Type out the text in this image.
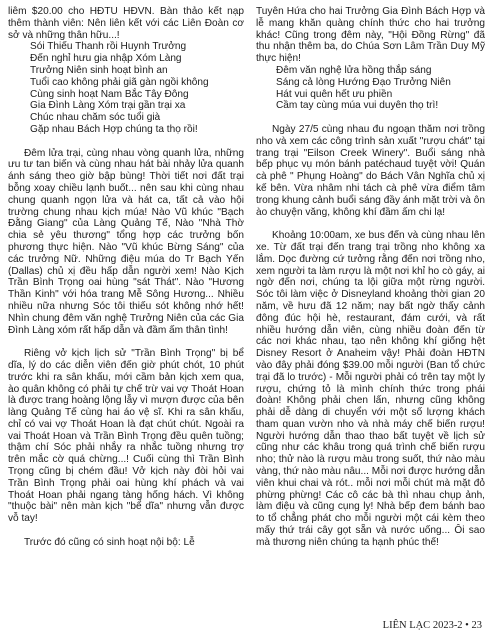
liễm $20.00 cho HĐTU HĐVN. Bàn thảo kết nạp thêm thành viên: Nên liên kết với các Liên Đoàn cơ sở và những thân hữu...!

Sói Thiếu Thanh rồi Huynh Trưởng
Đến nghỉ hưu gia nhập Xóm Làng
Trưởng Niên sinh hoạt bình an
Tuổi cao không phải giã gàn ngồi không
Cùng sinh hoạt Nam Bắc Tây Đông
Gia Đình Làng Xóm trại gần trại xa
Chúc nhau chăm sóc tuổi già
Gặp nhau Bách Hợp chúng ta thọ rồi!

Đêm lửa trại, cùng nhau vòng quanh lửa, những ưu tư tan biến và cùng nhau hát bài nhảy lửa quanh ánh sáng theo giờ bập bùng! Thời tiết nơi đất trại bỗng xoay chiều lạnh buốt... nên sau khi cùng nhau chung quanh ngọn lửa và hát ca, tất cả vào hội trường chung nhau kịch múa! Nào Vũ khúc "Bạch Đằng Giang" của Làng Quảng Tế, Nào "Nhà Thờ chia sẻ yêu thương" tổng hợp các trưởng bốn phương thực hiện. Nào "Vũ khúc Bừng Sáng" của các trưởng Nữ. Những điệu múa do Tr Bạch Yến (Dallas) chủ xị đều hấp dẫn người xem! Nào Kịch Trần Bình Trọng oai hùng "sát Thát". Nào "Hương Thần Kinh" với hóa trang Mễ Sông Hương... Nhiều nhiều nữa nhưng Sóc tôi thiếu sót không nhớ hết! Nhìn chung đêm văn nghệ Trưởng Niên của các Gia Đình Làng xóm rất hấp dẫn và đầm ấm thân tình!

Riêng vở kịch lịch sử "Trần Bình Trọng" bị bể dĩa, lý do các diễn viên đến giờ phút chót, 10 phút trước khi ra sân khấu, mới cầm bản kịch xem qua, ào quân không có phải tự chế trừ vai vợ Thoát Hoan là được trang hoàng lộng lẫy vì mượn được của bên làng Quảng Tế cùng hai áo vệ sĩ. Khi ra sân khấu, chỉ có vai vợ Thoát Hoan là đạt chút chút. Ngoài ra vai Thoát Hoan và Trần Bình Trọng đều quên tuồng; thậm chí Sóc phải nhắy ra nhắc tuồng nhưng trợ trên mắc cờ quá chừng...! Cuối cùng thì Trần Bình Trọng cũng bị chém đầu! Vở kịch này đòi hỏi vai Trần Bình Trọng phải oai hùng khí phách và vai Thoát Hoan phải ngang tàng hống hách. Vì không "thuộc bài" nên màn kịch "bể dĩa" nhưng vẫn được vỗ tay!

Trước đó cũng có sinh hoạt nội bộ: Lễ

Tuyên Hứa cho hai Trưởng Gia Đình Bách Hợp và lễ mang khăn quàng chính thức cho hai trưởng khác! Cũng trong đêm này, "Hội Đồng Rừng" đã thu nhận thêm ba, do Chúa Sơn Lâm Trần Duy Mỹ thực hiện!

Đêm văn nghệ lửa hồng thắp sáng
Sáng cả lòng Hướng Đạo Trưởng Niên
Hát vui quên hết ưu phiền
Cầm tay cùng múa vui duyên thọ trì!

Ngày 27/5 cùng nhau đu ngoạn thăm nơi trồng nho và xem các công trình sản xuất "rượu chát" tại trang trại "Eilson Creek Winery". Buổi sáng nhà bếp phục vụ món bánh patéchaud tuyệt vời! Quán cà phê " Phụng Hoàng" do Bách Vân Nghĩa chủ xị kế bên. Vừa nhâm nhi tách cà phê vừa điểm tâm trong khung cảnh buổi sáng đầy ánh mặt trời và ôn ào chuyện văng, không khí đầm ấm chi lạ!

Khoảng 10:00am, xe bus đến và cùng nhau lên xe. Từ đất trại đến trang trại trồng nho không xa lắm. Dọc đường cứ tưởng rằng đến nơi trồng nho, xem người ta làm rượu là một nơi khỉ ho cò gáy, ai ngờ đến nơi, chúng ta lội giữa một rừng người. Sóc tôi làm việc ở Disneyland khoảng thời gian 20 năm, về hưu đã 12 năm; nay bất ngờ thấy cảnh đông đúc hội hè, restaurant, đám cưới, và rất nhiều hướng dẫn viên, cùng nhiều đoàn đến từ các nơi khác nhau, tạo nên không khí giống hệt Disney Resort ở Anaheim vậy! Phải đoàn HĐTN vào đây phải đóng $39.00 mỗi người (Ban tổ chức trại đã lo trước) - Mỗi người phải có trên tay một ly rượu, chứng tỏ là mình chính thức trong phái đoàn! Không phải chen lấn, nhưng cũng không phải dễ dàng di chuyển với một số lượng khách tham quan vườn nho và nhà máy chế biến rượu! Người hướng dẫn thao thao bất tuyệt về lịch sử cũng như các khâu trong quá trình chế biến rượu nho; thử nào là rượu màu trong suốt, thứ nào màu vàng, thứ nào màu nâu... Mỗi nơi được hướng dẫn viên khui chai và rót.. mỗi nơi mỗi chút mà mặt đỏ phừng phừng! Các cô các bà thì nhau chụp ảnh, làm điệu và cũng cụng ly! Nhà bếp đem bánh bao to tổ chẳng phát cho mỗi người một cái kèm theo mấy thứ trái cây gọt sẵn và nước uống... Ôi sao mà thương niên chúng ta hạnh phúc thế!

LIÊN LẠC 2023-2 • 23
